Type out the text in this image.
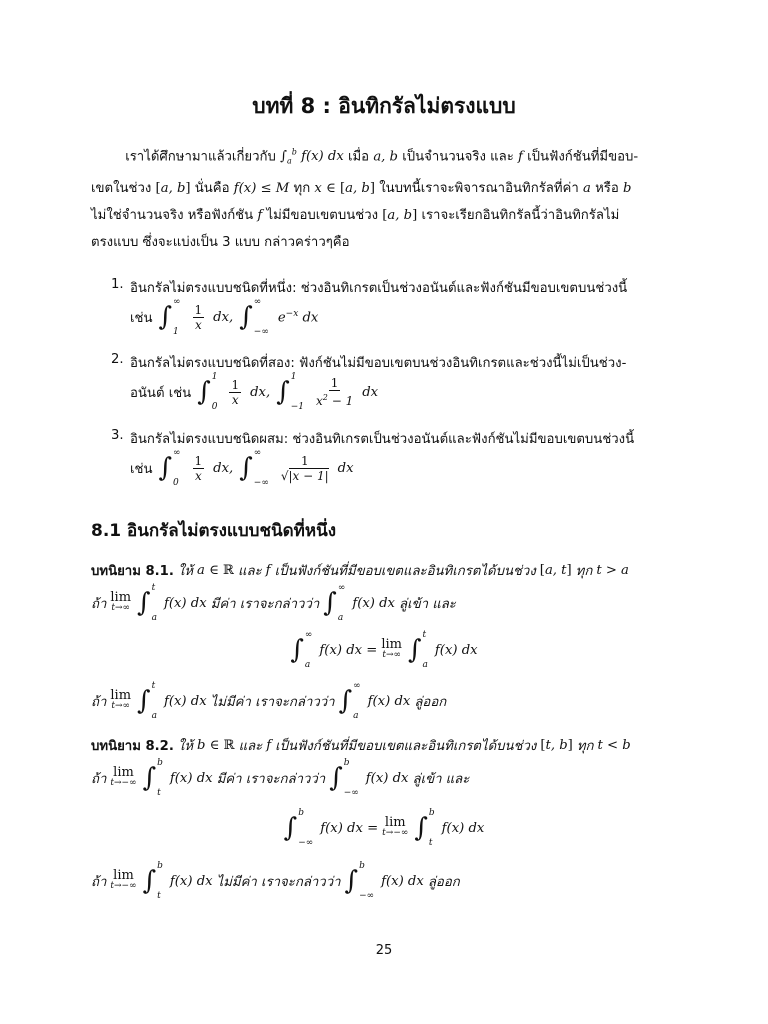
บทที่ 8 : อินทิกรัลไม่ตรงแบบ
เราได้ศึกษามาแล้วเกี่ยวกับ $\int_a^b$ f(x) dx เมื่อ a, b เป็นจำนวนจริง และ f เป็นฟังก์ชันที่มีขอบ-
เขตในช่วง [a, b] นั่นคือ f(x) ≤ M ทุก x ∈ [a, b] ในบทนี้เราจะพิจารณาอินทิกรัลที่ค่า a หรือ b
ไม่ใช่จำนวนจริง หรือฟังก์ชัน f ไม่มีขอบเขตบนช่วง [a, b] เราจะเรียกอินทิกรัลนี้ว่าอินทิกรัลไม่
ตรงแบบ ซึ่งจะแบ่งเป็น 3 แบบ กล่าวคร่าวๆคือ
1. อินกรัลไม่ตรงแบบชนิดที่หนึ่ง: ช่วงอินทิเกรตเป็นช่วงอนันต์และฟังก์ชันมีขอบเขตบนช่วงนี้
เช่น ∫ ∞
1
$\frac{1}{x}$ dx, ∫ ∞
−∞
$e^{-x}$ dx
2. อินกรัลไม่ตรงแบบชนิดที่สอง: ฟังก์ชันไม่มีขอบเขตบนช่วงอินทิเกรตและช่วงนี้ไม่เป็นช่วง-
อนันต์ เช่น ∫ 1
0
$\frac{1}{x}$ dx, ∫ 1
$-1 \frac{1}{x^2 - 1}$ dx
3. อินกรัลไม่ตรงแบบชนิดผสม: ช่วงอินทิเกรตเป็นช่วงอนันต์และฟังก์ชันไม่มีขอบเขตบนช่วงนี้
เช่น ∫ ∞
0
$\frac{1}{x}$ dx, ∫ ∞
−∞
$\frac{1}{√|x - 1|}$ dx
8.1 อินกรัลไม่ตรงแบบชนิดที่หนึ่ง
บทนิยาม 8.1. ให้ a ∈ ℝ และ f เป็นฟังก์ชันที่มีขอบเขตและอินทิเกรตได้บนช่วง [a, t] ทุก t > a
ถ้า lim
t→∞ ∫ t
a
f(x) dx มีค่า เราจะกล่าวว่า ∫ ∞
a
f(x) dx ลู่เข้า และ
∫ ∞
a
f(x) dx = lim
t→∞ ∫ t
a
f(x) dx
ถ้า lim
t→∞ ∫ t
a
f(x) dx ไม่มีค่า เราจะกล่าวว่า ∫ ∞
a
f(x) dx ลู่ออก
บทนิยาม 8.2. ให้ b ∈ ℝ และ f เป็นฟังก์ชันที่มีขอบเขตและอินทิเกรตได้บนช่วง [t, b] ทุก t < b
ถ้า lim
t→−∞ ∫ b
t
f(x) dx มีค่า เราจะกล่าวว่า ∫ b
−∞
f(x) dx ลู่เข้า และ
∫ b
−∞
f(x) dx = lim
t→−∞ ∫ b
t
f(x) dx
ถ้า lim
t→−∞ ∫ b
t
f(x) dx ไม่มีค่า เราจะกล่าวว่า ∫ b
−∞
f(x) dx ลู่ออก
25
